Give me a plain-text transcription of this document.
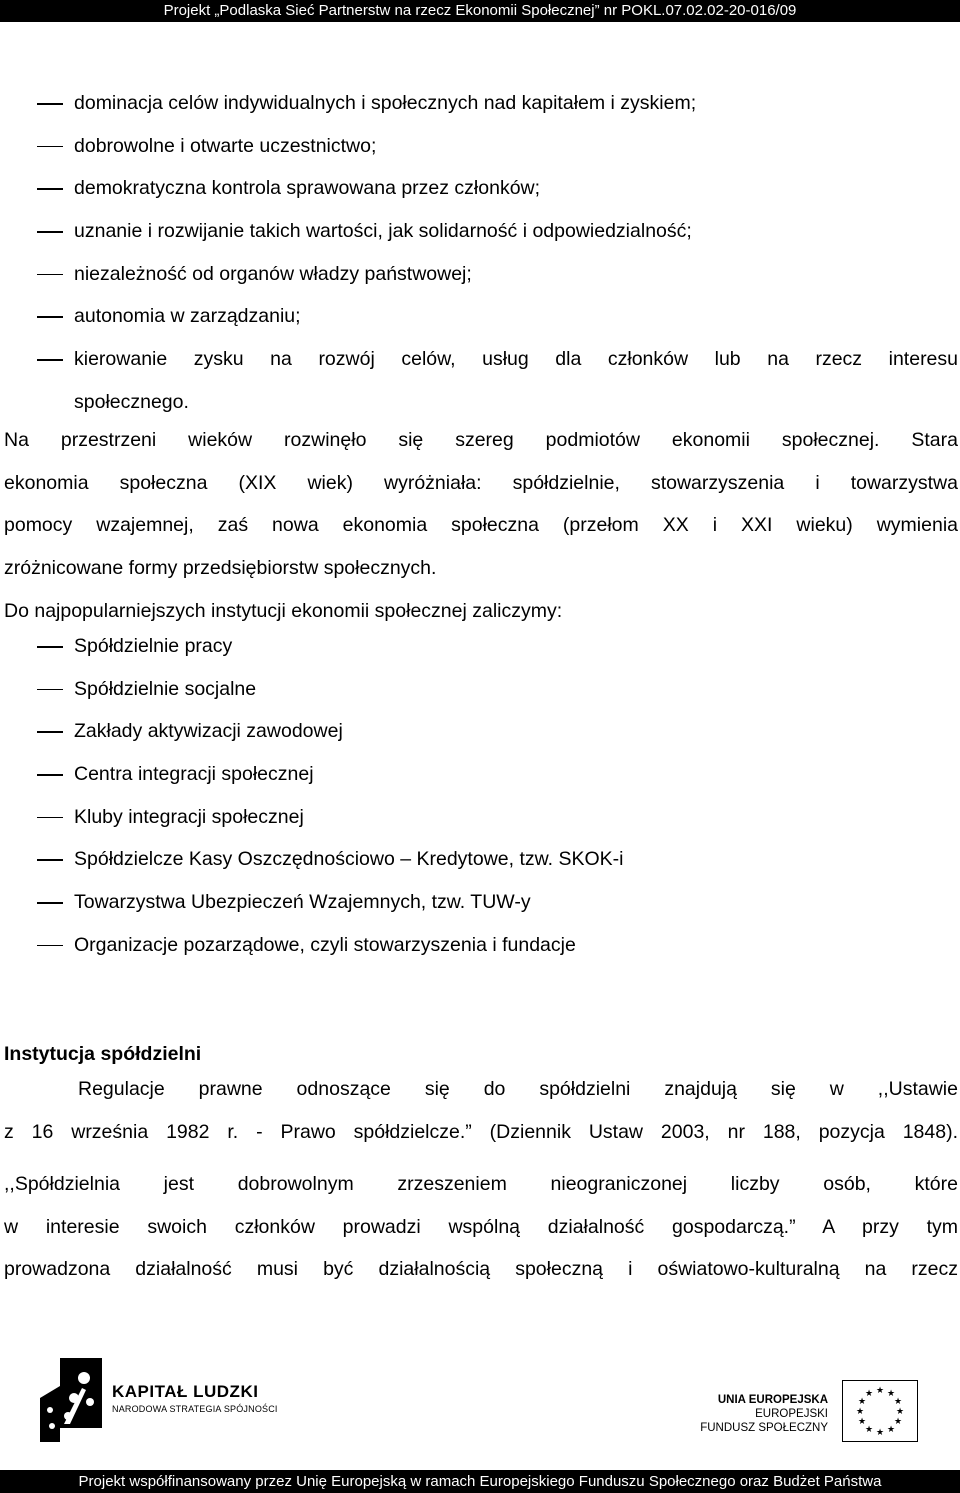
Projekt „Podlaska Sieć Partnerstw na rzecz Ekonomii Społecznej” nr POKL.07.02.02-20-016/09
dominacja celów indywidualnych i społecznych nad kapitałem i zyskiem;
dobrowolne i otwarte uczestnictwo;
demokratyczna kontrola sprawowana przez członków;
uznanie i rozwijanie takich wartości, jak solidarność i odpowiedzialność;
niezależność od organów władzy państwowej;
autonomia w zarządzaniu;
kierowanie zysku na rozwój celów, usług dla członków lub na rzecz interesu
społecznego.
Na przestrzeni wieków rozwinęło się szereg podmiotów ekonomii społecznej. Stara
ekonomia społeczna (XIX wiek) wyróżniała: spółdzielnie, stowarzyszenia i towarzystwa
pomocy wzajemnej, zaś nowa ekonomia społeczna (przełom XX i XXI wieku) wymienia
zróżnicowane formy przedsiębiorstw społecznych.
Do najpopularniejszych instytucji ekonomii społecznej zaliczymy:
Spółdzielnie pracy
Spółdzielnie socjalne
Zakłady aktywizacji zawodowej
Centra integracji społecznej
Kluby integracji społecznej
Spółdzielcze Kasy Oszczędnościowo – Kredytowe, tzw. SKOK-i
Towarzystwa Ubezpieczeń Wzajemnych, tzw. TUW-y
Organizacje pozarządowe, czyli stowarzyszenia i fundacje
Instytucja spółdzielni
Regulacje prawne odnoszące się do spółdzielni znajdują się w ,,Ustawie
z 16 września 1982 r. - Prawo spółdzielcze.” (Dziennik Ustaw 2003, nr 188, pozycja 1848).
,,Spółdzielnia jest dobrowolnym zrzeszeniem nieograniczonej liczby osób, które
w interesie swoich członków prowadzi wspólną działalność gospodarczą.” A przy tym
prowadzona działalność musi być działalnością społeczną i oświatowo-kulturalną na rzecz
KAPITAŁ LUDZKI
NARODOWA STRATEGIA SPÓJNOŚCI
UNIA EUROPEJSKA
EUROPEJSKI
FUNDUSZ SPOŁECZNY
★ ★
★
★
★
★
★
★
★
★
★
★
Projekt współfinansowany przez Unię Europejską w ramach Europejskiego Funduszu Społecznego oraz Budżet Państwa
